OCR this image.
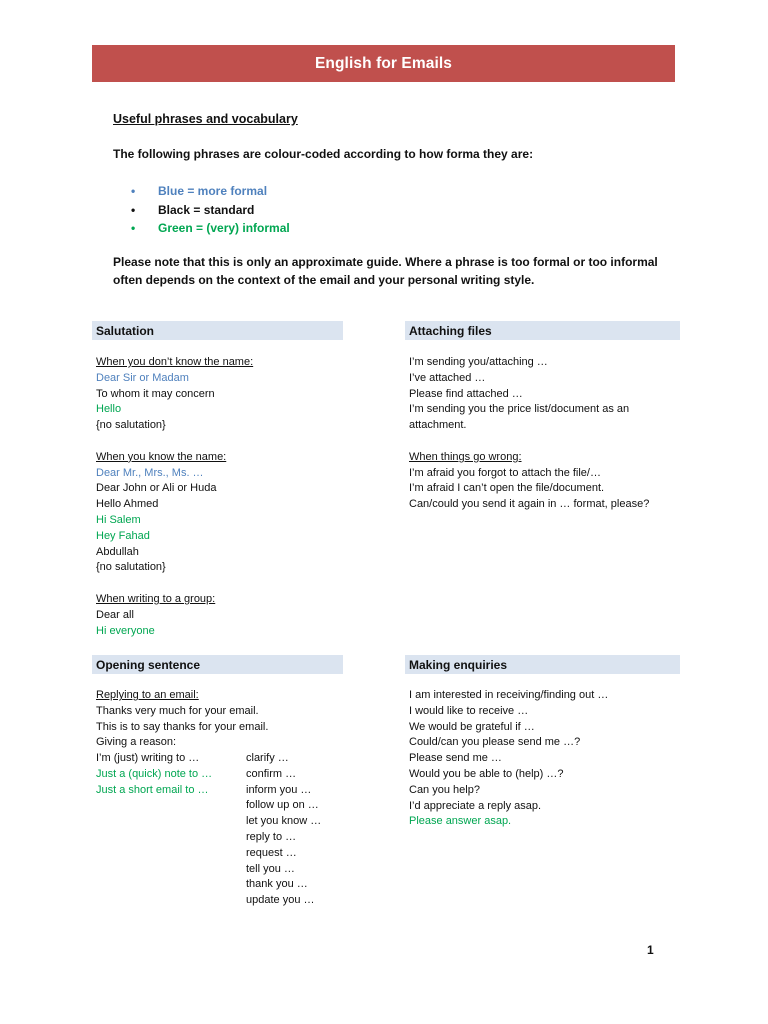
English for Emails
Useful phrases and vocabulary
The following phrases are colour-coded according to how forma they are:
•	Blue = more formal
•	Black = standard
•	Green = (very) informal
Please note that this is only an approximate guide. Where a phrase is too formal or too informal often depends on the context of the email and your personal writing style.
Salutation
When you don’t know the name:
Dear Sir or Madam
To whom it may concern
Hello
{no salutation}
When you know the name:
Dear Mr., Mrs., Ms. …
Dear John or Ali or Huda
Hello Ahmed
Hi Salem
Hey Fahad
Abdullah
{no salutation}
When writing to a group:
Dear all
Hi everyone
Attaching files
I’m sending you/attaching …
I’ve attached …
Please find attached …
I’m sending you the price list/document as an
attachment.
When things go wrong:
I’m afraid you forgot to attach the file/…
I’m afraid I can’t open the file/document.
Can/could you send it again in … format, please?
Opening sentence
Replying to an email:
Thanks very much for your email.
This is to say thanks for your email.
Giving a reason:
I’m (just) writing to …
Just a (quick) note to …
Just a short email to …
clarify …
confirm …
inform you …
follow up on …
let you know …
reply to …
request …
tell you …
thank you …
update you …
Making enquiries
I am interested in receiving/finding out …
I would like to receive …
We would be grateful if …
Could/can you please send me …?
Please send me …
Would you be able to (help) …?
Can you help?
I’d appreciate a reply asap.
Please answer asap.
1
